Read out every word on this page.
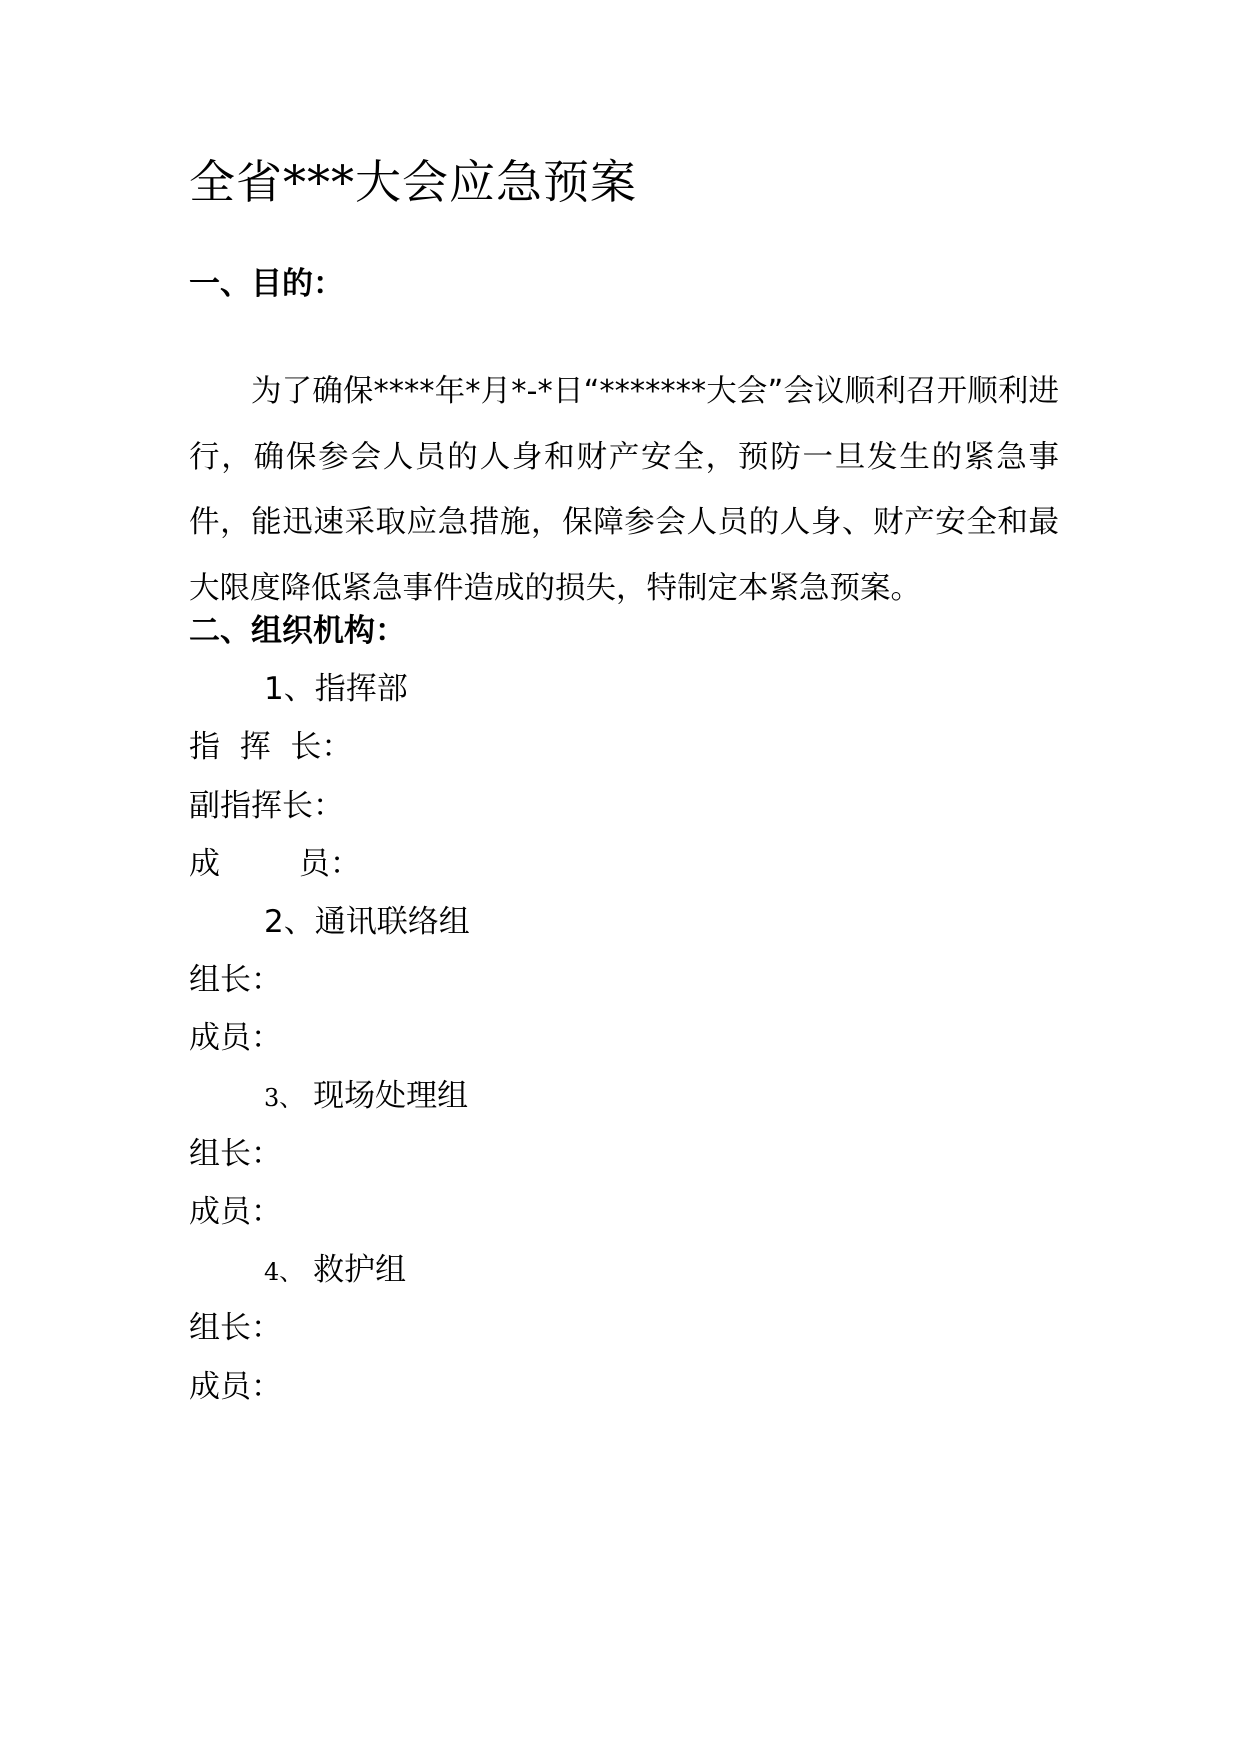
全省***大会应急预案
一、目的：
为了确保****年*月*-*日“*******大会”会议顺利召开顺利进行，确保参会人员的人身和财产安全，预防一旦发生的紧急事件，能迅速采取应急措施，保障参会人员的人身、财产安全和最大限度降低紧急事件造成的损失，特制定本紧急预案。
二、组织机构：
1、指挥部
指  挥  长：
副指挥长：
成        员：
2、通讯联络组
组长：
成员：
3、 现场处理组
组长：
成员：
4、 救护组
组长：
成员：
